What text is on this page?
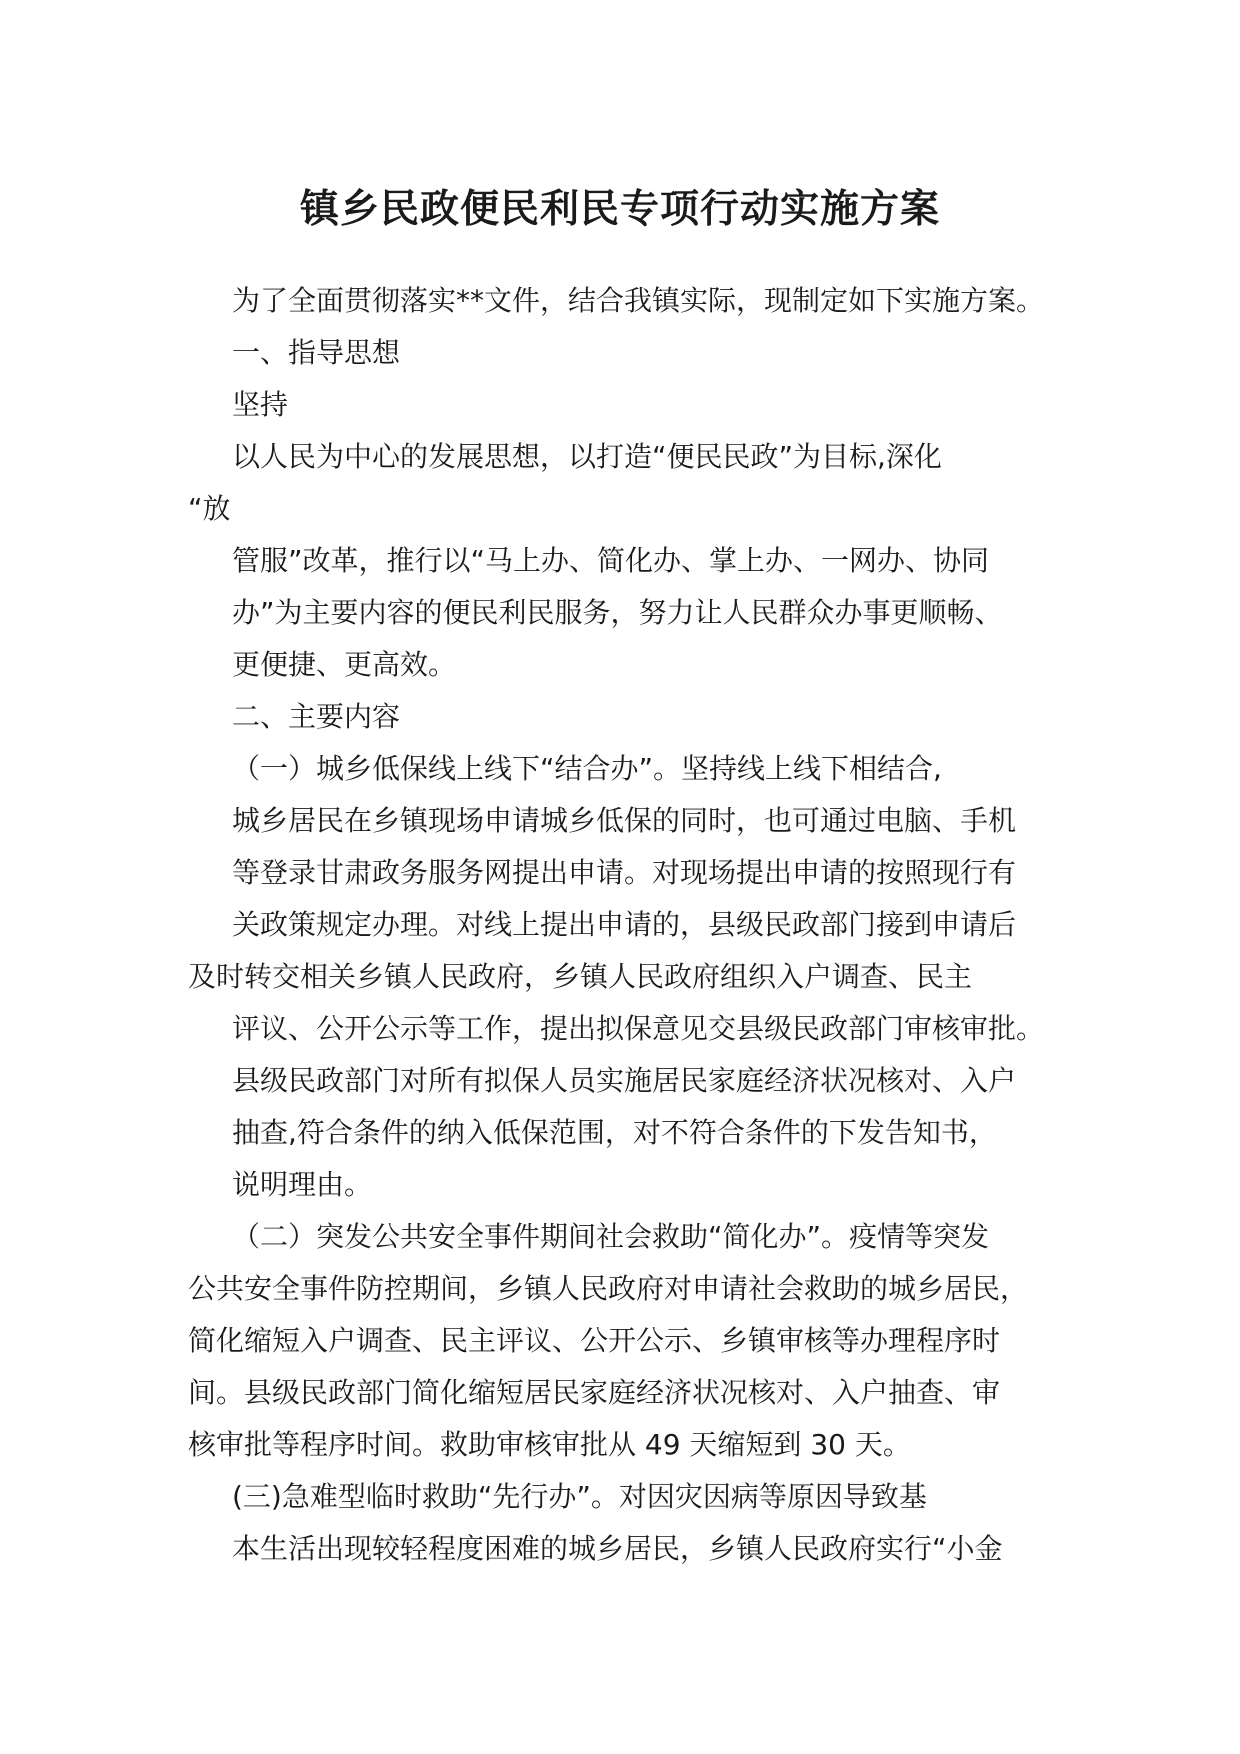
镇乡民政便民利民专项行动实施方案

为了全面贯彻落实**文件，结合我镇实际，现制定如下实施方案。

一、指导思想

坚持

以人民为中心的发展思想，以打造“便民民政”为目标,深化

“放

管服”改革，推行以“马上办、简化办、掌上办、一网办、协同

办”为主要内容的便民利民服务，努力让人民群众办事更顺畅、

更便捷、更高效。

二、主要内容

（一）城乡低保线上线下“结合办”。坚持线上线下相结合,

城乡居民在乡镇现场申请城乡低保的同时，也可通过电脑、手机

等登录甘肃政务服务网提出申请。对现场提出申请的按照现行有

关政策规定办理。对线上提出申请的，县级民政部门接到申请后

及时转交相关乡镇人民政府，乡镇人民政府组织入户调查、民主

评议、公开公示等工作，提出拟保意见交县级民政部门审核审批。

县级民政部门对所有拟保人员实施居民家庭经济状况核对、入户

抽查,符合条件的纳入低保范围，对不符合条件的下发告知书，

说明理由。

（二）突发公共安全事件期间社会救助“简化办”。疫情等突发

公共安全事件防控期间，乡镇人民政府对申请社会救助的城乡居民，

简化缩短入户调查、民主评议、公开公示、乡镇审核等办理程序时

间。县级民政部门简化缩短居民家庭经济状况核对、入户抽查、审

核审批等程序时间。救助审核审批从 49 天缩短到 30 天。

(三)急难型临时救助“先行办”。对因灾因病等原因导致基

本生活出现较轻程度困难的城乡居民，乡镇人民政府实行“小金
